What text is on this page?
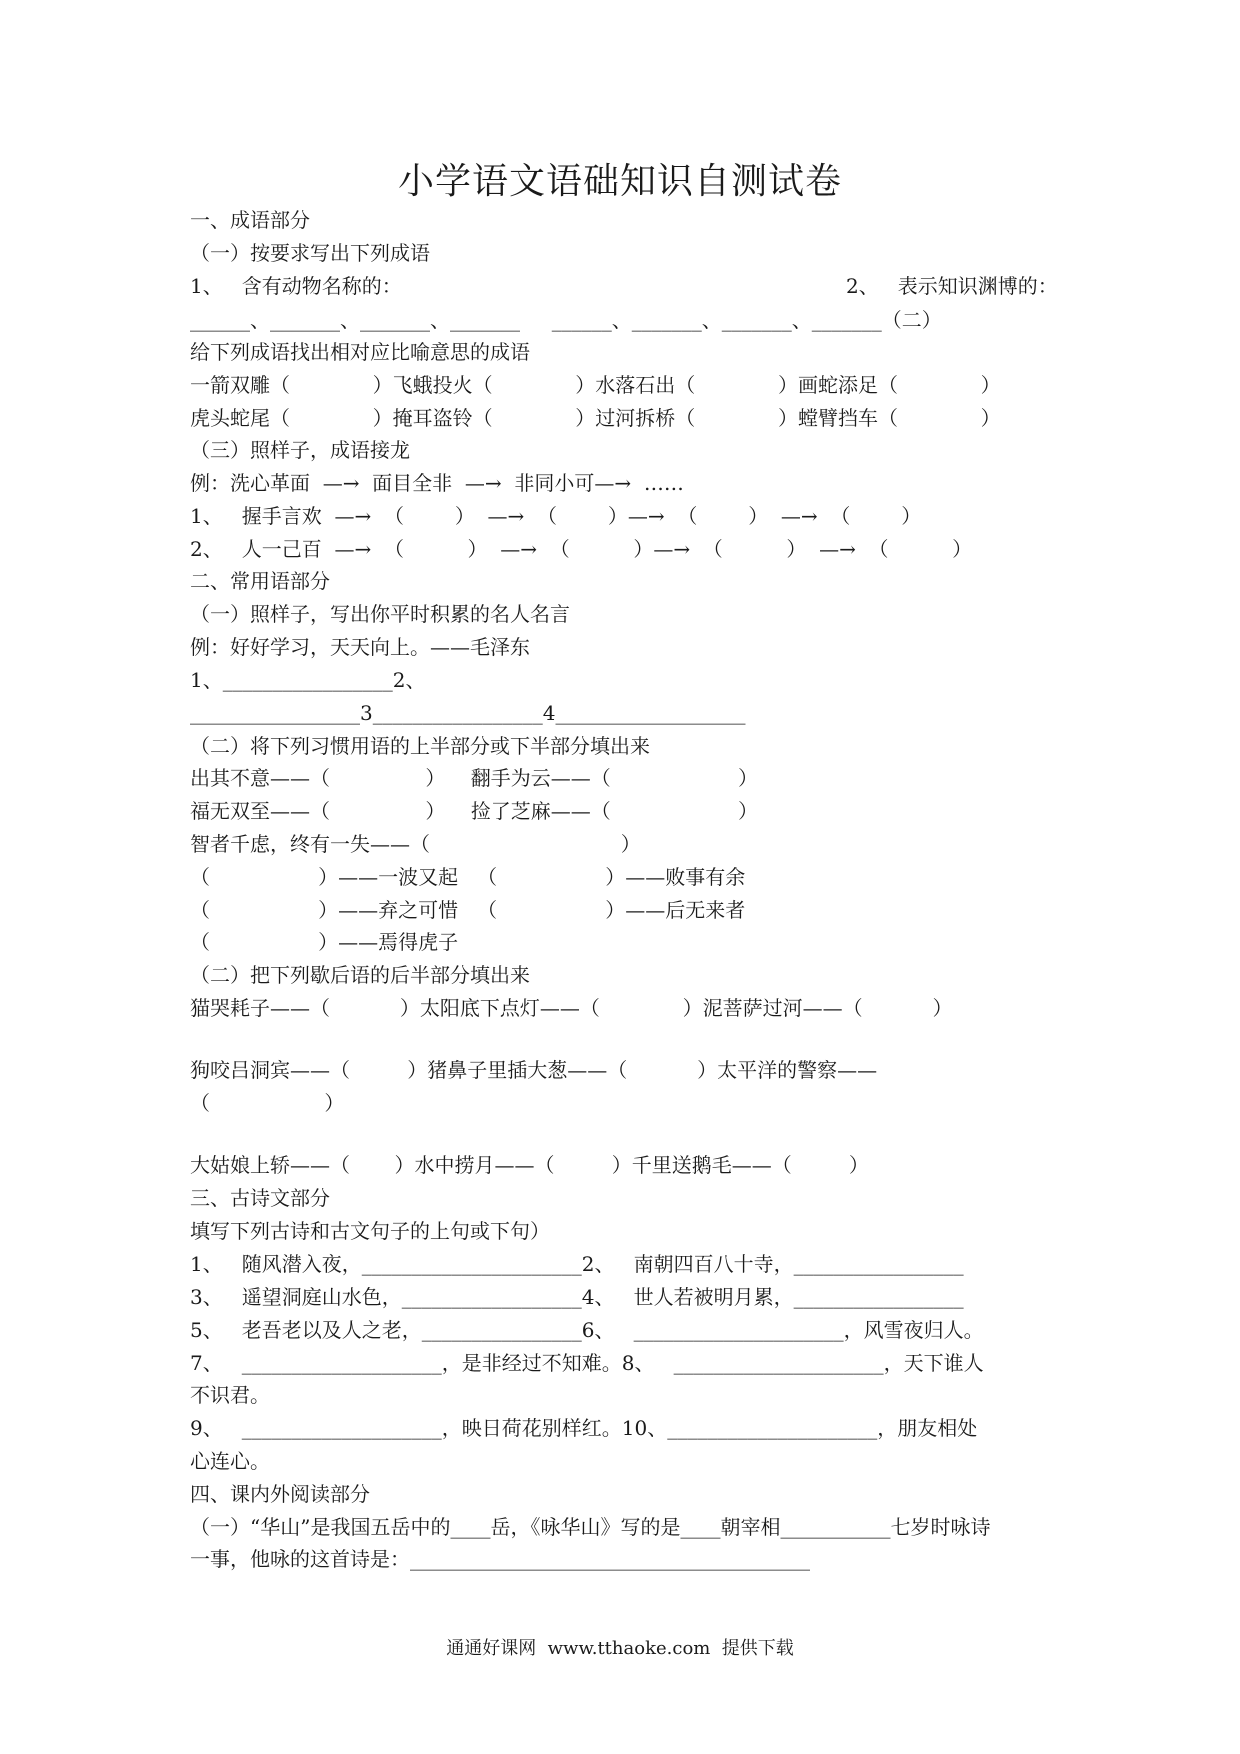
小学语文语础知识自测试卷
一、成语部分
（一）按要求写出下列成语
1、   含有动物名称的：	2、   表示知识渊博的：
______、_______、_______、_______     ______、_______、_______、_______（二）
给下列成语找出相对应比喻意思的成语
一箭双雕（             ）飞蛾投火（             ）水落石出（             ）画蛇添足（             ）
虎头蛇尾（             ）掩耳盗铃（             ）过河拆桥（             ）螳臂挡车（             ）
（三）照样子，成语接龙
例：洗心革面  —→  面目全非  —→  非同小可—→  ……
1、   握手言欢  —→  （        ）  —→  （        ）—→  （        ）  —→  （        ）
2、   人一己百  —→  （          ）  —→  （          ）—→  （          ）  —→  （          ）
二、常用语部分
（一）照样子，写出你平时积累的名人名言
例：好好学习，天天向上。——毛泽东
1、_________________2、
_________________3_________________4___________________
（二）将下列习惯用语的上半部分或下半部分填出来
出其不意——（               ）    翻手为云——（                    ）
福无双至——（               ）    捡了芝麻——（                    ）
智者千虑，终有一失——（                              ）
（                 ）——一波又起   （                 ）——败事有余
（                 ）——弃之可惜   （                 ）——后无来者
（                 ）——焉得虎子
（二）把下列歇后语的后半部分填出来
猫哭耗子——（           ）太阳底下点灯——（             ）泥菩萨过河——（           ）
狗咬吕洞宾——（         ）猪鼻子里插大葱——（           ）太平洋的警察——
（                  ）
大姑娘上轿——（       ）水中捞月——（         ）千里送鹅毛——（         ）
三、古诗文部分
填写下列古诗和古文句子的上句或下句）
1、   随风潜入夜，______________________2、   南朝四百八十寺，_________________
3、   遥望洞庭山水色，__________________4、   世人若被明月累，_________________
5、   老吾老以及人之老，________________6、   _____________________，风雪夜归人。
7、   ____________________，是非经过不知难。8、   _____________________，天下谁人
不识君。
9、   ____________________，映日荷花别样红。10、_____________________，朋友相处
心连心。
四、课内外阅读部分
（一）“华山”是我国五岳中的____岳，《咏华山》写的是____朝宰相___________七岁时咏诗
一事，他咏的这首诗是：________________________________________
通通好课网  www.tthaoke.com  提供下载
